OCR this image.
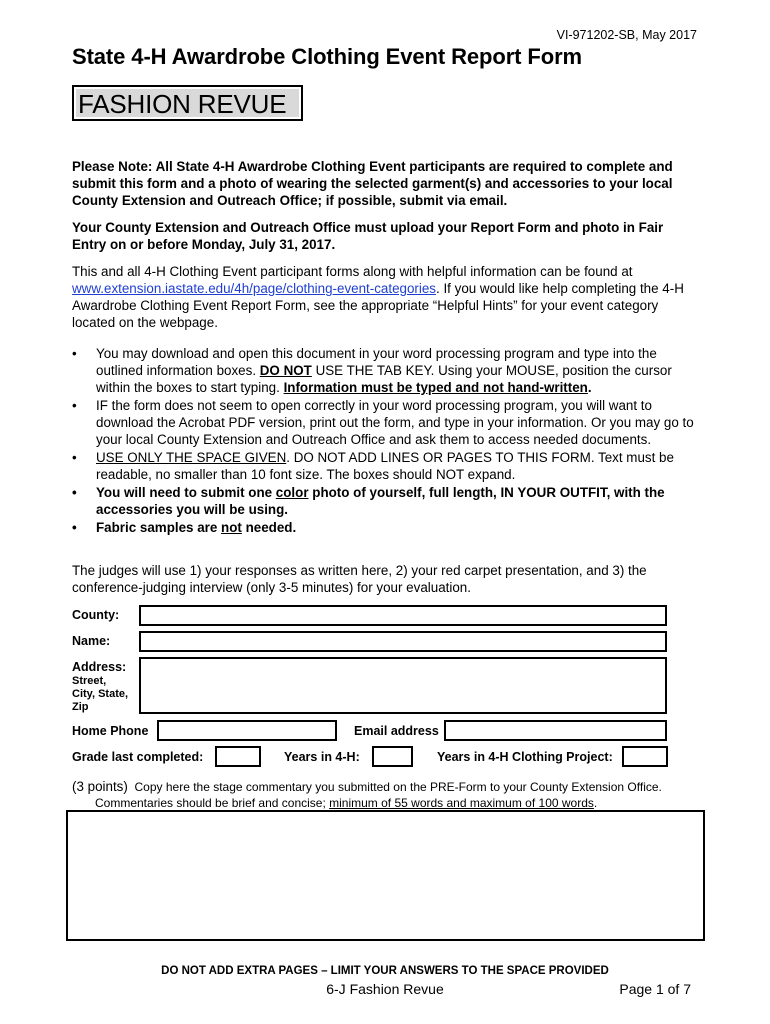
VI-971202-SB, May 2017
State 4-H Awardrobe Clothing Event Report Form
FASHION REVUE
Please Note: All State 4-H Awardrobe Clothing Event participants are required to complete and submit this form and a photo of wearing the selected garment(s) and accessories to your local County Extension and Outreach Office; if possible, submit via email.
Your County Extension and Outreach Office must upload your Report Form and photo in Fair Entry on or before Monday, July 31, 2017.
This and all 4-H Clothing Event participant forms along with helpful information can be found at www.extension.iastate.edu/4h/page/clothing-event-categories. If you would like help completing the 4-H Awardrobe Clothing Event Report Form, see the appropriate “Helpful Hints” for your event category located on the webpage.
• You may download and open this document in your word processing program and type into the outlined information boxes. DO NOT USE THE TAB KEY. Using your MOUSE, position the cursor within the boxes to start typing. Information must be typed and not hand-written.
• IF the form does not seem to open correctly in your word processing program, you will want to download the Acrobat PDF version, print out the form, and type in your information. Or you may go to your local County Extension and Outreach Office and ask them to access needed documents.
• USE ONLY THE SPACE GIVEN. DO NOT ADD LINES OR PAGES TO THIS FORM. Text must be readable, no smaller than 10 font size. The boxes should NOT expand.
• You will need to submit one color photo of yourself, full length, IN YOUR OUTFIT, with the accessories you will be using.
• Fabric samples are not needed.
The judges will use 1) your responses as written here, 2) your red carpet presentation, and 3) the conference-judging interview (only 3-5 minutes) for your evaluation.
County:
Name:
Address:
Street,
City, State,
Zip
Home Phone	Email address
Grade last completed:	Years in 4-H:	Years in 4-H Clothing Project:
(3 points) Copy here the stage commentary you submitted on the PRE-Form to your County Extension Office.
Commentaries should be brief and concise; minimum of 55 words and maximum of 100 words.
DO NOT ADD EXTRA PAGES – LIMIT YOUR ANSWERS TO THE SPACE PROVIDED
6-J Fashion Revue	Page 1 of 7
